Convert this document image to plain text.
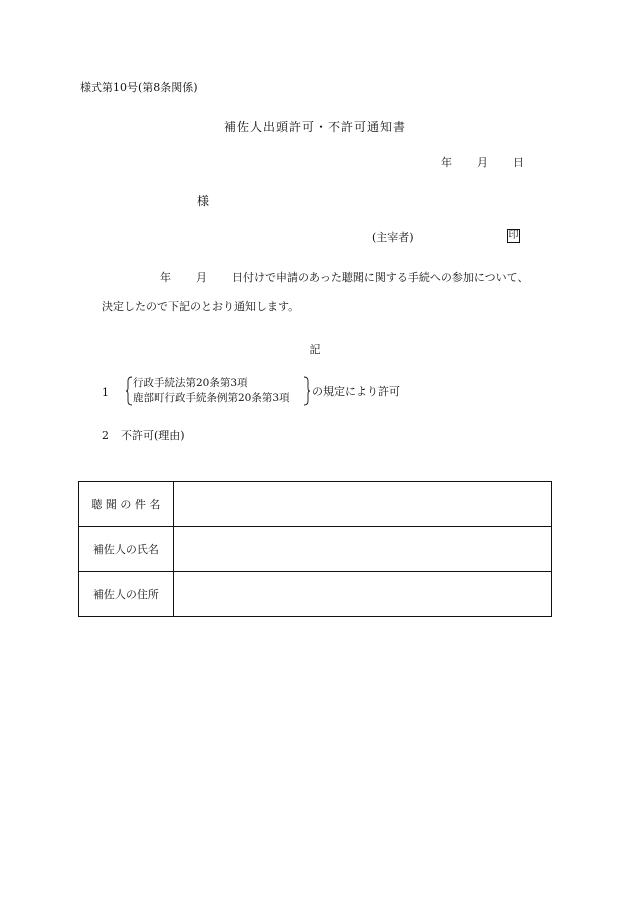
様式第10号(第8条関係)
補佐人出頭許可・不許可通知書
年 月 日
様
(主宰者)	印
年 月 日付けで申請のあった聴聞に関する手続への参加について、
決定したので下記のとおり通知します。
記
1
行政手続法第20条第3項
鹿部町行政手続条例第20条第3項 の規定により許可
2 不許可(理由)
聴 聞 の 件 名	
補佐人の氏名	
補佐人の住所	
